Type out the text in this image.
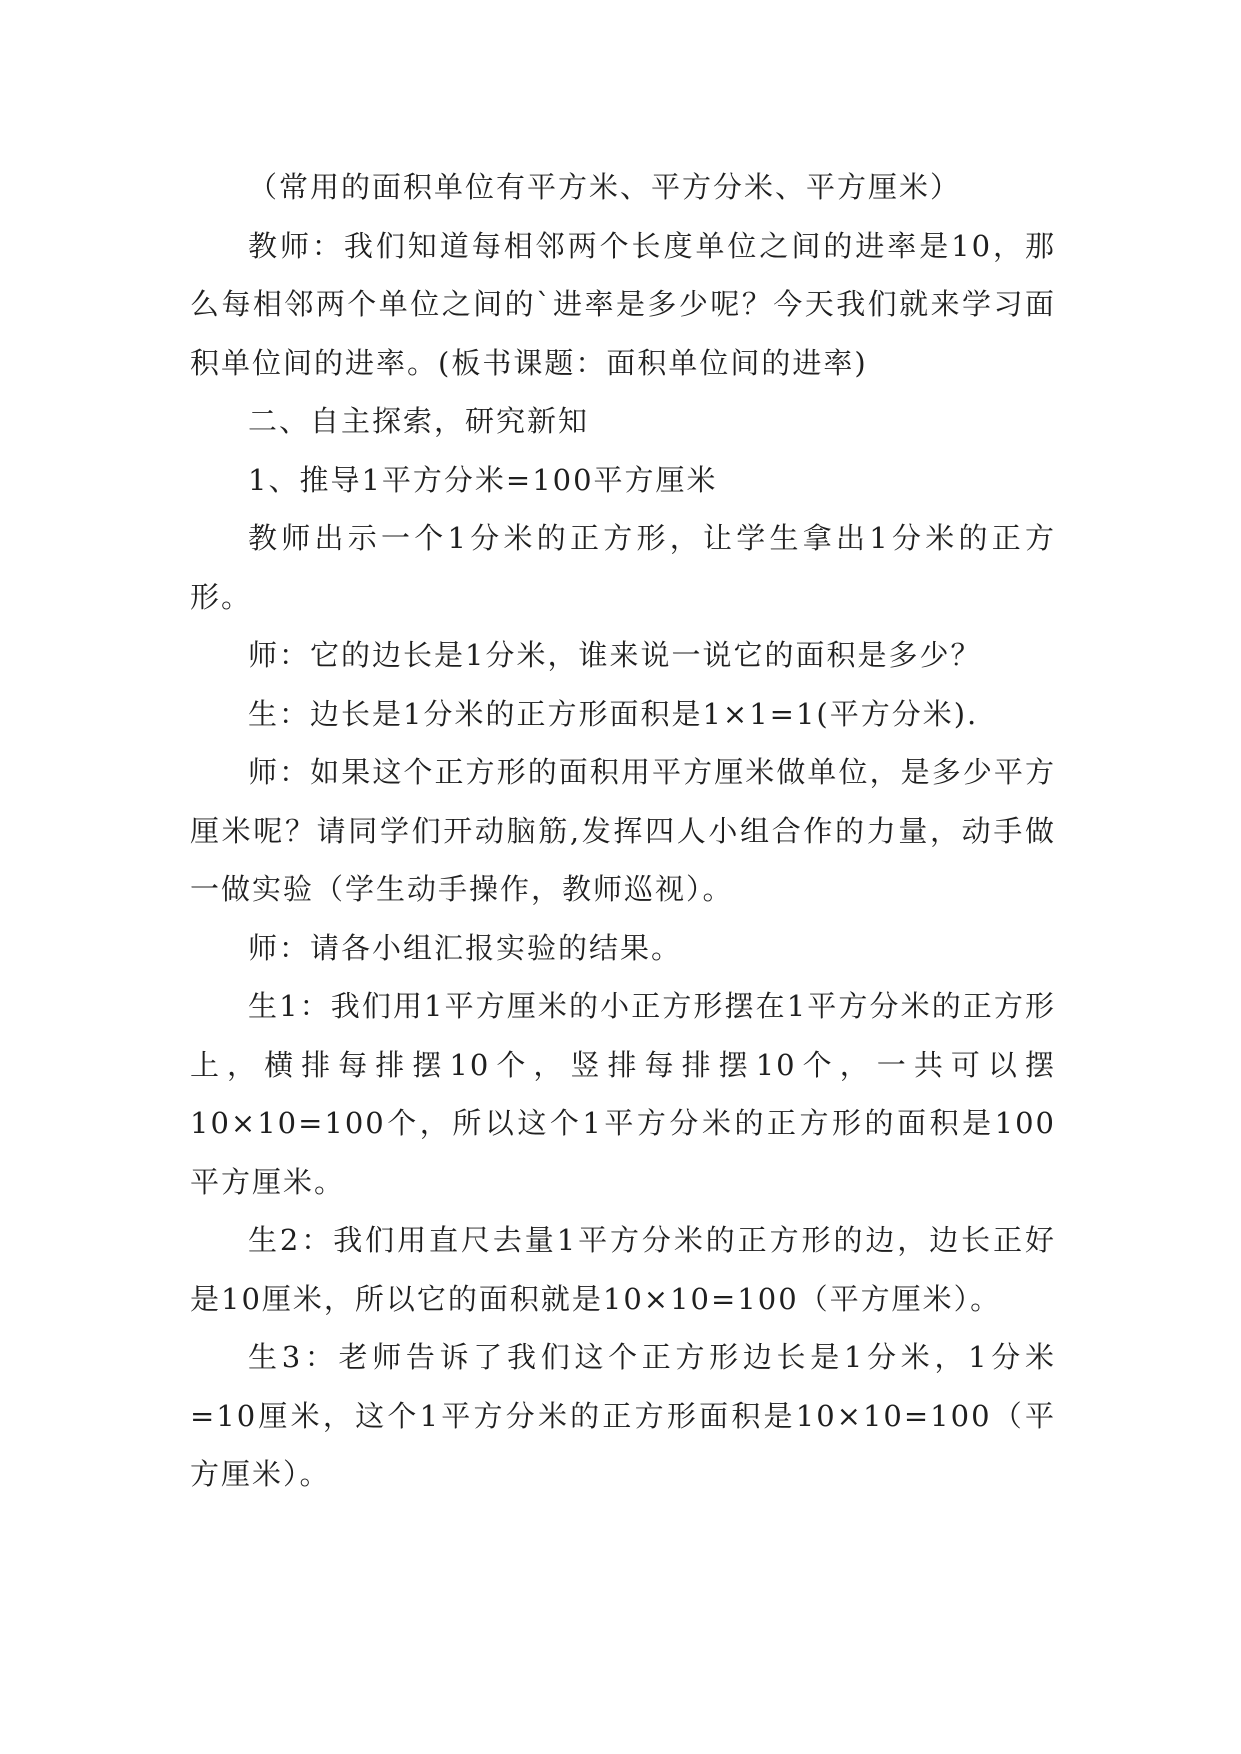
（常用的面积单位有平方米、平方分米、平方厘米）

教师：我们知道每相邻两个长度单位之间的进率是10，那么每相邻两个单位之间的`进率是多少呢？今天我们就来学习面积单位间的进率。(板书课题：面积单位间的进率)

二、自主探索，研究新知

1、推导1平方分米=100平方厘米

教师出示一个1分米的正方形，让学生拿出1分米的正方形。

师：它的边长是1分米，谁来说一说它的面积是多少？

生：边长是1分米的正方形面积是1×1=1(平方分米).

师：如果这个正方形的面积用平方厘米做单位，是多少平方厘米呢？请同学们开动脑筋,发挥四人小组合作的力量，动手做一做实验（学生动手操作，教师巡视）。

师：请各小组汇报实验的结果。

生1：我们用1平方厘米的小正方形摆在1平方分米的正方形上，横排每排摆10个，竖排每排摆10个，一共可以摆10×10=100个，所以这个1平方分米的正方形的面积是100平方厘米。

生2：我们用直尺去量1平方分米的正方形的边，边长正好是10厘米，所以它的面积就是10×10=100（平方厘米）。

生3：老师告诉了我们这个正方形边长是1分米，1分米=10厘米，这个1平方分米的正方形面积是10×10=100（平方厘米）。
